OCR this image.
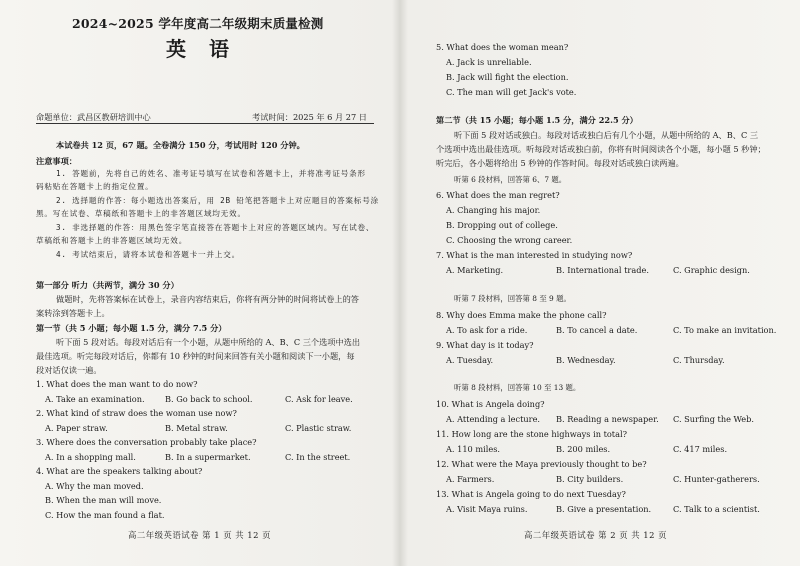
2024~2025 学年度高二年级期末质量检测
英 语
命题单位：武昌区教研培训中心	考试时间：2025 年 6 月 27 日
本试卷共 12 页，67 题。全卷满分 150 分，考试用时 120 分钟。
注意事项：
1. 答题前，先将自己的姓名、准考证号填写在试卷和答题卡上，并将准考证号条形
码粘贴在答题卡上的指定位置。
2. 选择题的作答：每小题选出答案后，用 2B 铅笔把答题卡上对应题目的答案标号涂
黑。写在试卷、草稿纸和答题卡上的非答题区域均无效。
3. 非选择题的作答：用黑色签字笔直接答在答题卡上对应的答题区域内。写在试卷、
草稿纸和答题卡上的非答题区域均无效。
4. 考试结束后，请将本试卷和答题卡一并上交。
第一部分 听力（共两节，满分 30 分）
做题时，先将答案标在试卷上，录音内容结束后，你将有两分钟的时间将试卷上的答
案转涂到答题卡上。
第一节（共 5 小题；每小题 1.5 分，满分 7.5 分）
听下面 5 段对话。每段对话后有一个小题，从题中所给的 A、B、C 三个选项中选出
最佳选项。听完每段对话后，你都有 10 秒钟的时间来回答有关小题和阅读下一小题，每
段对话仅读一遍。
1. What does the man want to do now?
A. Take an examination. B. Go back to school.	C. Ask for leave.
2. What kind of straw does the woman use now?
A. Paper straw.	B. Metal straw.	C. Plastic straw.
3. Where does the conversation probably take place?
A. In a shopping mall.	B. In a supermarket.	C. In the street.
4. What are the speakers talking about?
A. Why the man moved.
B. When the man will move.
C. How the man found a flat.
高二年级英语试卷 第 1 页 共 12 页
5. What does the woman mean?
A. Jack is unreliable.
B. Jack will fight the election.
C. The man will get Jack's vote.
第二节（共 15 小题；每小题 1.5 分，满分 22.5 分）
听下面 5 段对话或独白。每段对话或独白后有几个小题，从题中所给的 A、B、C 三
个选项中选出最佳选项。听每段对话或独白前，你将有时间阅读各个小题，每小题 5 秒钟；
听完后，各小题将给出 5 秒钟的作答时间。每段对话或独白读两遍。
听第 6 段材料，回答第 6、7 题。
6. What does the man regret?
A. Changing his major.
B. Dropping out of college.
C. Choosing the wrong career.
7. What is the man interested in studying now?
A. Marketing.	B. International trade.	C. Graphic design.
听第 7 段材料，回答第 8 至 9 题。
8. Why does Emma make the phone call?
A. To ask for a ride.	B. To cancel a date.	C. To make an invitation.
9. What day is it today?
A. Tuesday.	B. Wednesday.	C. Thursday.
听第 8 段材料，回答第 10 至 13 题。
10. What is Angela doing?
A. Attending a lecture. B. Reading a newspaper. C. Surfing the Web.
11. How long are the stone highways in total?
A. 110 miles.	B. 200 miles.	C. 417 miles.
12. What were the Maya previously thought to be?
A. Farmers.	B. City builders.	C. Hunter-gatherers.
13. What is Angela going to do next Tuesday?
A. Visit Maya ruins.	B. Give a presentation.	C. Talk to a scientist.
高二年级英语试卷 第 2 页 共 12 页
